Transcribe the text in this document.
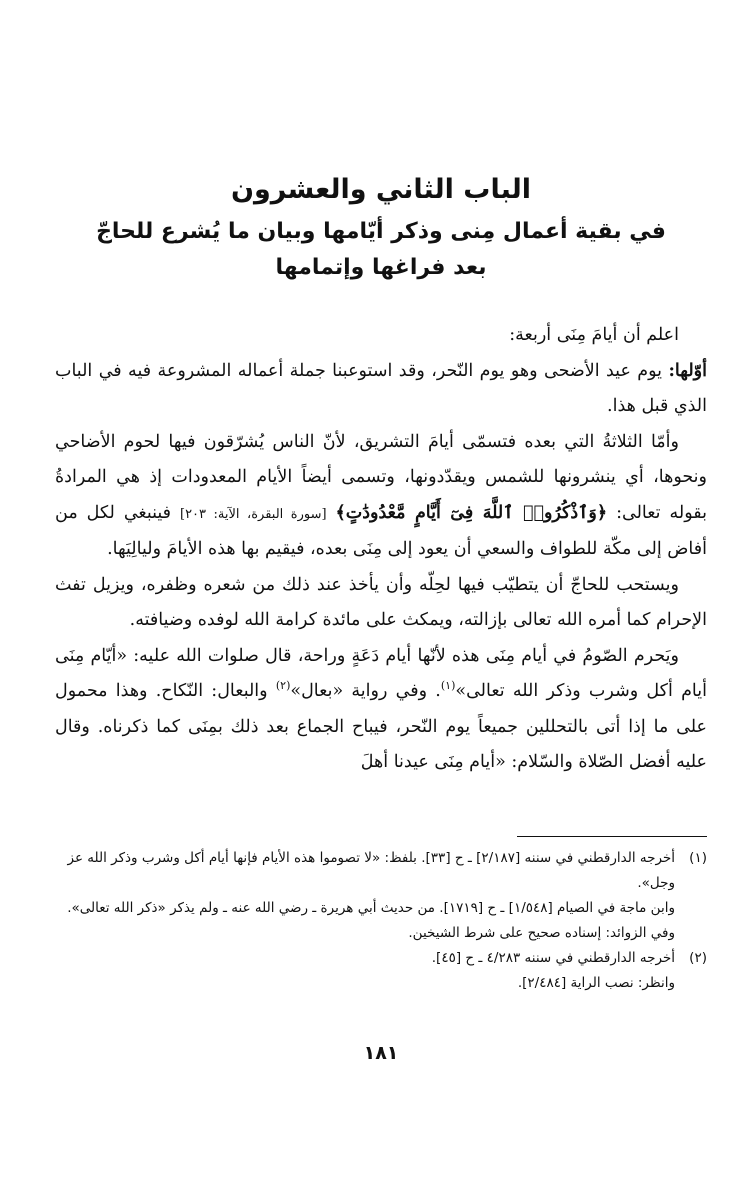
الباب الثاني والعشرون
في بقية أعمال مِنى وذكر أيّامها وبيان ما يُشرع للحاجّ
بعد فراغها وإتمامها

اعلم أن أيامَ مِنَى أربعة:

أوّلها: يوم عيد الأضحى وهو يوم النّحر، وقد استوعبنا جملة أعماله المشروعة فيه في الباب الذي قبل هذا.

وأمّا الثلاثةُ التي بعده فتسمّى أيامَ التشريق، لأنّ الناس يُشرّقون فيها لحوم الأضاحي ونحوها، أي ينشرونها للشمس ويقدّدونها، وتسمى أيضاً الأيام المعدودات إذ هي المرادةُ بقوله تعالى: ﴿وَٱذْكُرُوا۟ ٱللَّهَ فِىٓ أَيَّامٍ مَّعْدُودَٰتٍ﴾ [سورة البقرة، الآية: ٢٠٣] فينبغي لكل من أفاض إلى مكّة للطواف والسعي أن يعود إلى مِنَى بعده، فيقيم بها هذه الأيامَ وليالِيَها.

ويستحب للحاجّ أن يتطيّب فيها لحِلّه وأن يأخذ عند ذلك من شعره وظفره، ويزيل تفث الإحرام كما أمره الله تعالى بإزالته، ويمكث على مائدة كرامة الله لوفده وضيافته.

ويَحرم الصّومُ في أيام مِنَى هذه لأنّها أيام دَعَةٍ وراحة، قال صلوات الله عليه: «أيّام مِنَى أيام أكل وشرب وذكر الله تعالى»$^{(١)}$. وفي رواية «بعال»$^{(٢)}$ والبعال: النّكاح. وهذا محمول على ما إذا أتى بالتحللين جميعاً يوم النّحر، فيباح الجماع بعد ذلك بمِنَى كما ذكرناه. وقال عليه أفضل الصّلاة والسّلام: «أيام مِنَى عيدنا أهلَ

(١)
أخرجه الدارقطني في سننه [٢/١٨٧] ـ ح [٣٣]. بلفظ: «لا تصوموا هذه الأيام فإنها أيام أكل وشرب وذكر الله عز وجل».
وابن ماجة في الصيام [١/٥٤٨] ـ ح [١٧١٩]. من حديث أبي هريرة ـ رضي الله عنه ـ ولم يذكر «ذكر الله تعالى».
وفي الزوائد: إسناده صحيح على شرط الشيخين.
(٢)
أخرجه الدارقطني في سننه ٤/٢٨٣ ـ ح [٤٥].
وانظر: نصب الراية [٢/٤٨٤].
١٨١
